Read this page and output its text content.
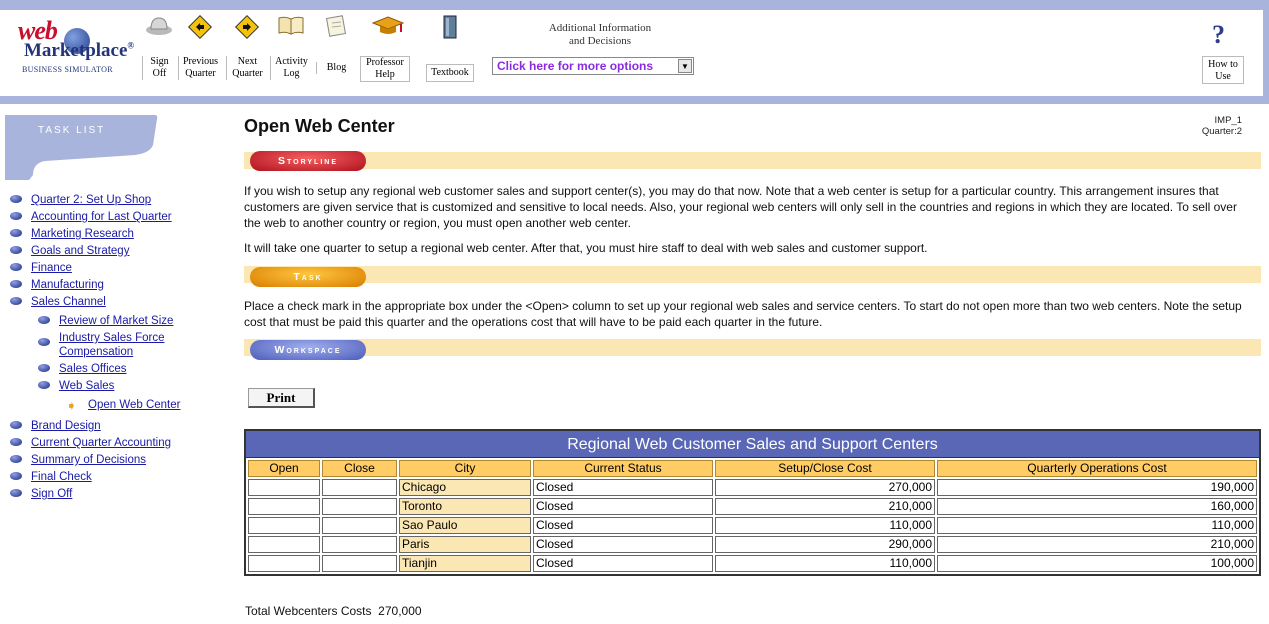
web
Marketplace®
BUSINESS SIMULATOR
Sign
Off
Previous
Quarter
Next
Quarter
Activity
Log
Blog	Professor
Help	Textbook
Additional Information
and Decisions
Click here for more options	▼
?
How to
Use
TASK LIST
Quarter 2: Set Up Shop
Accounting for Last Quarter
Marketing Research
Goals and Strategy
Finance
Manufacturing
Sales Channel
Review of Market Size
Industry Sales Force
Compensation
Sales Offices
Web Sales
➧ Open Web Center
Brand Design
Current Quarter Accounting
Summary of Decisions
Final Check
Sign Off
Open Web Center	IMP_1
Quarter:2
Storyline
If you wish to setup any regional web customer sales and support center(s), you may do that now. Note that a web center is setup for a particular country. This arrangement insures that customers are given service that is customized and sensitive to local needs. Also, your regional web centers will only sell in the countries and regions in which they are located. To sell over the web to another country or region, you must open another web center.
It will take one quarter to setup a regional web center. After that, you must hire staff to deal with web sales and customer support.
Task
Place a check mark in the appropriate box under the <Open> column to set up your regional web sales and service centers. To start do not open more than two web centers. Note the setup cost that must be paid this quarter and the operations cost that will have to be paid each quarter in the future.
Workspace
Print
Regional Web Customer Sales and Support Centers
Open	Close	City	Current Status	Setup/Close Cost	Quarterly Operations Cost
		Chicago	Closed	270,000	190,000
		Toronto	Closed	210,000	160,000
		Sao Paulo	Closed	110,000	110,000
		Paris	Closed	290,000	210,000
		Tianjin	Closed	110,000	100,000
Total Webcenters Costs 270,000
